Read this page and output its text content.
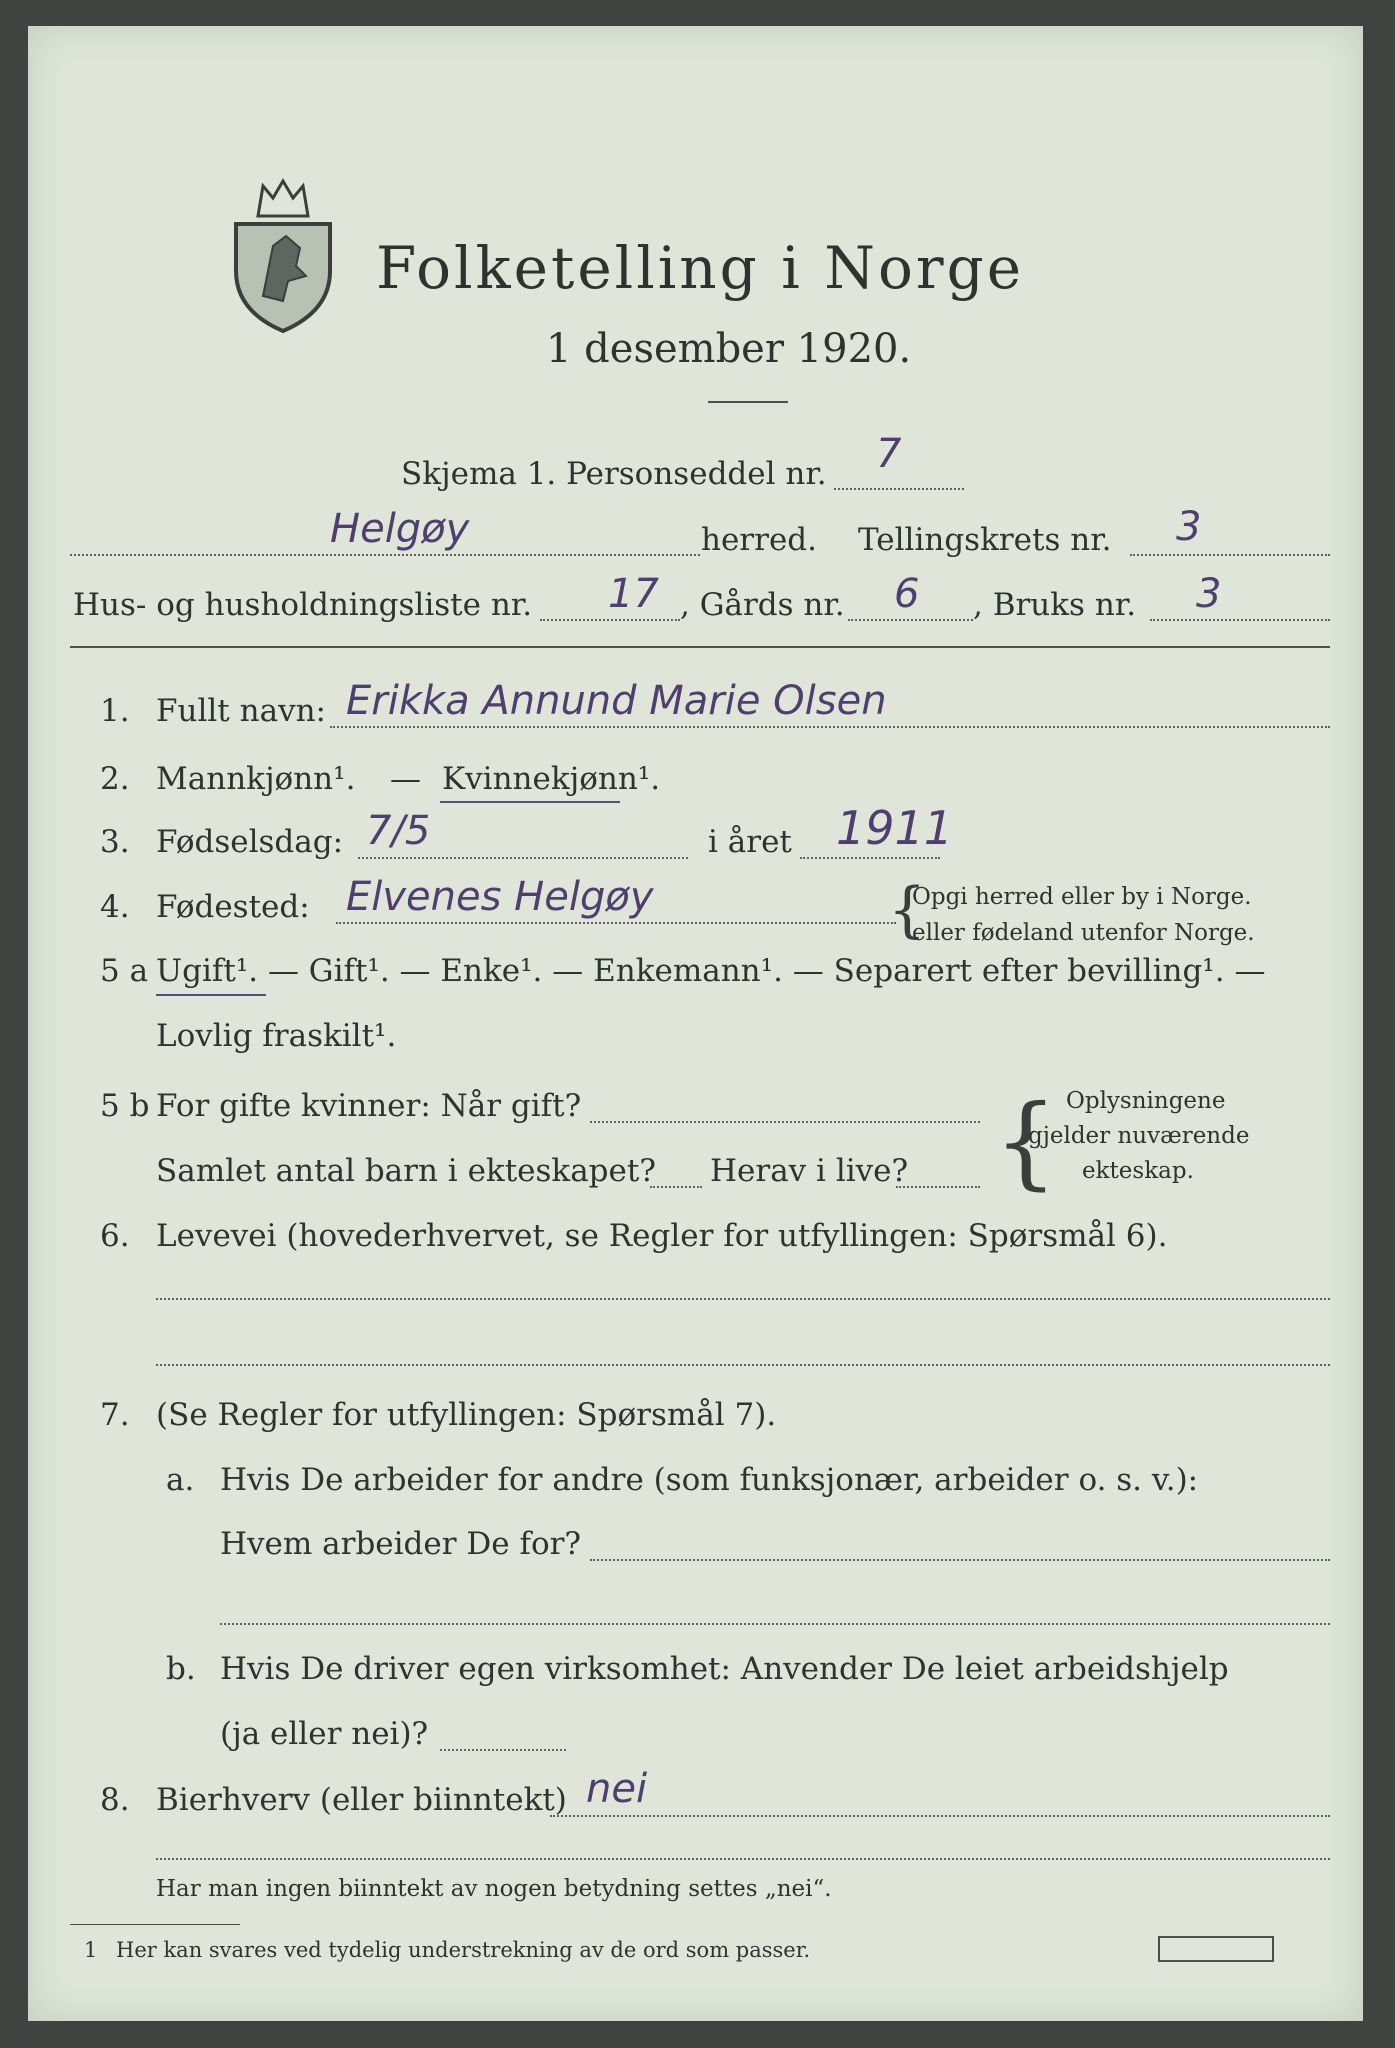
Folketelling i Norge
1 desember 1920.
Skjema 1. Personseddel nr. 7
Helgøy	herred. Tellingskrets nr. 3
Hus- og husholdningsliste nr. 17 , Gårds nr. 6 , Bruks nr. 3
1. Fullt navn: Erikka Annund Marie Olsen
2. Mannkjønn¹. — Kvinnekjønn¹.
3. Fødselsdag: 7/5	i året 1911
4. Fødested: Elvenes Helgøy	{
Opgi herred eller by i Norge.
eller fødeland utenfor Norge.
5 a Ugift¹. — Gift¹. — Enke¹. — Enkemann¹. — Separert efter bevilling¹. —
Lovlig fraskilt¹.
5 b For gifte kvinner: Når gift?
Samlet antal barn i ekteskapet? Herav i live? { Oplysningene
gjelder nuværende
ekteskap.
6. Levevei (hovederhvervet, se Regler for utfyllingen: Spørsmål 6).
7. (Se Regler for utfyllingen: Spørsmål 7).
a. Hvis De arbeider for andre (som funksjonær, arbeider o. s. v.):
Hvem arbeider De for?
b. Hvis De driver egen virksomhet: Anvender De leiet arbeidshjelp
(ja eller nei)?
8. Bierhverv (eller biinntekt) nei
Har man ingen biinntekt av nogen betydning settes „nei“.
1 Her kan svares ved tydelig understrekning av de ord som passer.
